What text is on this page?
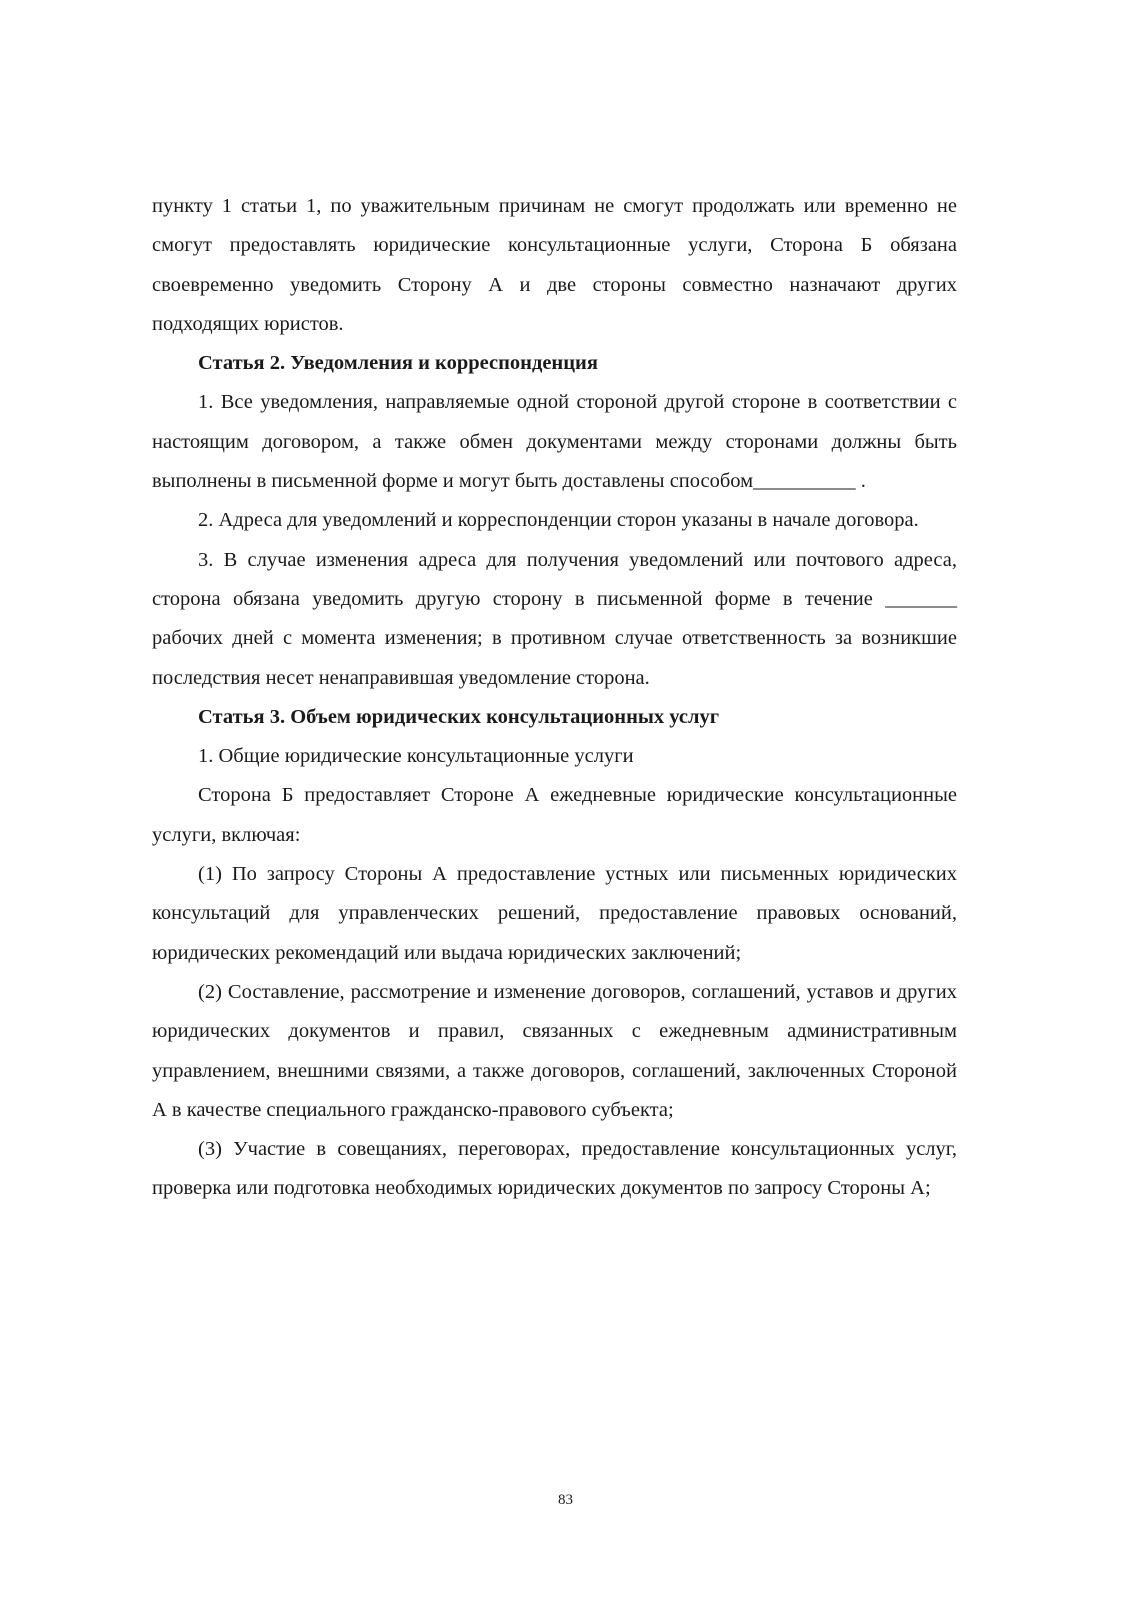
пункту 1 статьи 1, по уважительным причинам не смогут продолжать или временно не смогут предоставлять юридические консультационные услуги, Сторона Б обязана своевременно уведомить Сторону А и две стороны совместно назначают других подходящих юристов.

Статья 2. Уведомления и корреспонденция

1. Все уведомления, направляемые одной стороной другой стороне в соответствии с настоящим договором, а также обмен документами между сторонами должны быть выполнены в письменной форме и могут быть доставлены способом__________ .

2. Адреса для уведомлений и корреспонденции сторон указаны в начале договора.

3. В случае изменения адреса для получения уведомлений или почтового адреса, сторона обязана уведомить другую сторону в письменной форме в течение _______ рабочих дней с момента изменения; в противном случае ответственность за возникшие последствия несет ненаправившая уведомление сторона.

Статья 3. Объем юридических консультационных услуг

1. Общие юридические консультационные услуги

Сторона Б предоставляет Стороне А ежедневные юридические консультационные услуги, включая:

(1) По запросу Стороны А предоставление устных или письменных юридических консультаций для управленческих решений, предоставление правовых оснований, юридических рекомендаций или выдача юридических заключений;

(2) Составление, рассмотрение и изменение договоров, соглашений, уставов и других юридических документов и правил, связанных с ежедневным административным управлением, внешними связями, а также договоров, соглашений, заключенных Стороной А в качестве специального гражданско-правового субъекта;

(3) Участие в совещаниях, переговорах, предоставление консультационных услуг, проверка или подготовка необходимых юридических документов по запросу Стороны А;

83
